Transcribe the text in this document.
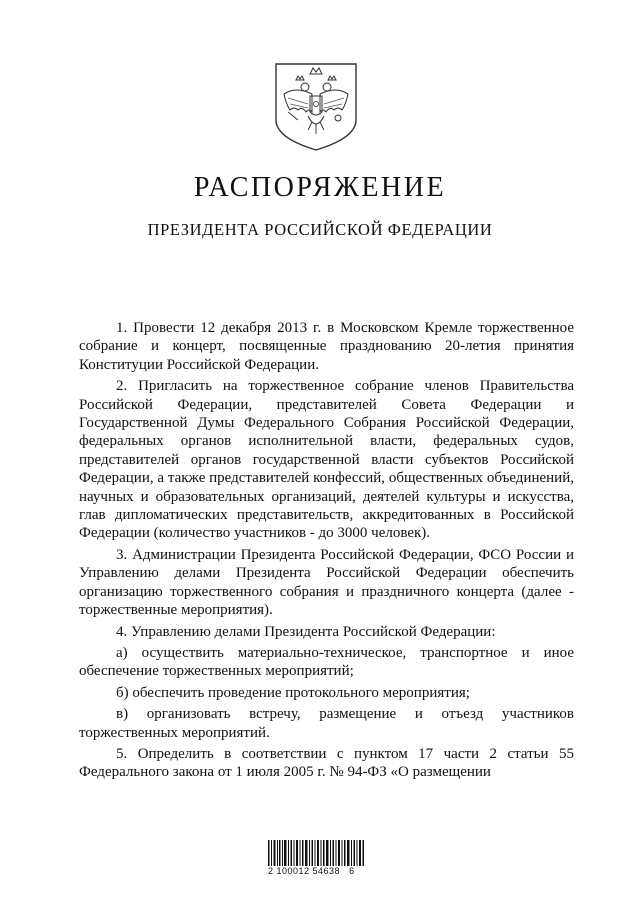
РАСПОРЯЖЕНИЕ
ПРЕЗИДЕНТА РОССИЙСКОЙ ФЕДЕРАЦИИ

1. Провести 12 декабря 2013 г. в Московском Кремле торжественное собрание и концерт, посвященные празднованию 20-летия принятия Конституции Российской Федерации.

2. Пригласить на торжественное собрание членов Правительства Российской Федерации, представителей Совета Федерации и Государственной Думы Федерального Собрания Российской Федерации, федеральных органов исполнительной власти, федеральных судов, представителей органов государственной власти субъектов Российской Федерации, а также представителей конфессий, общественных объединений, научных и образовательных организаций, деятелей культуры и искусства, глав дипломатических представительств, аккредитованных в Российской Федерации (количество участников - до 3000 человек).

3. Администрации Президента Российской Федерации, ФСО России и Управлению делами Президента Российской Федерации обеспечить организацию торжественного собрания и праздничного концерта (далее - торжественные мероприятия).

4. Управлению делами Президента Российской Федерации:

а) осуществить материально-техническое, транспортное и иное обеспечение торжественных мероприятий;

б) обеспечить проведение протокольного мероприятия;

в) организовать встречу, размещение и отъезд участников торжественных мероприятий.

5. Определить в соответствии с пунктом 17 части 2 статьи 55 Федерального закона от 1 июля 2005 г. № 94-ФЗ «О размещении

2 100012 54638   6
